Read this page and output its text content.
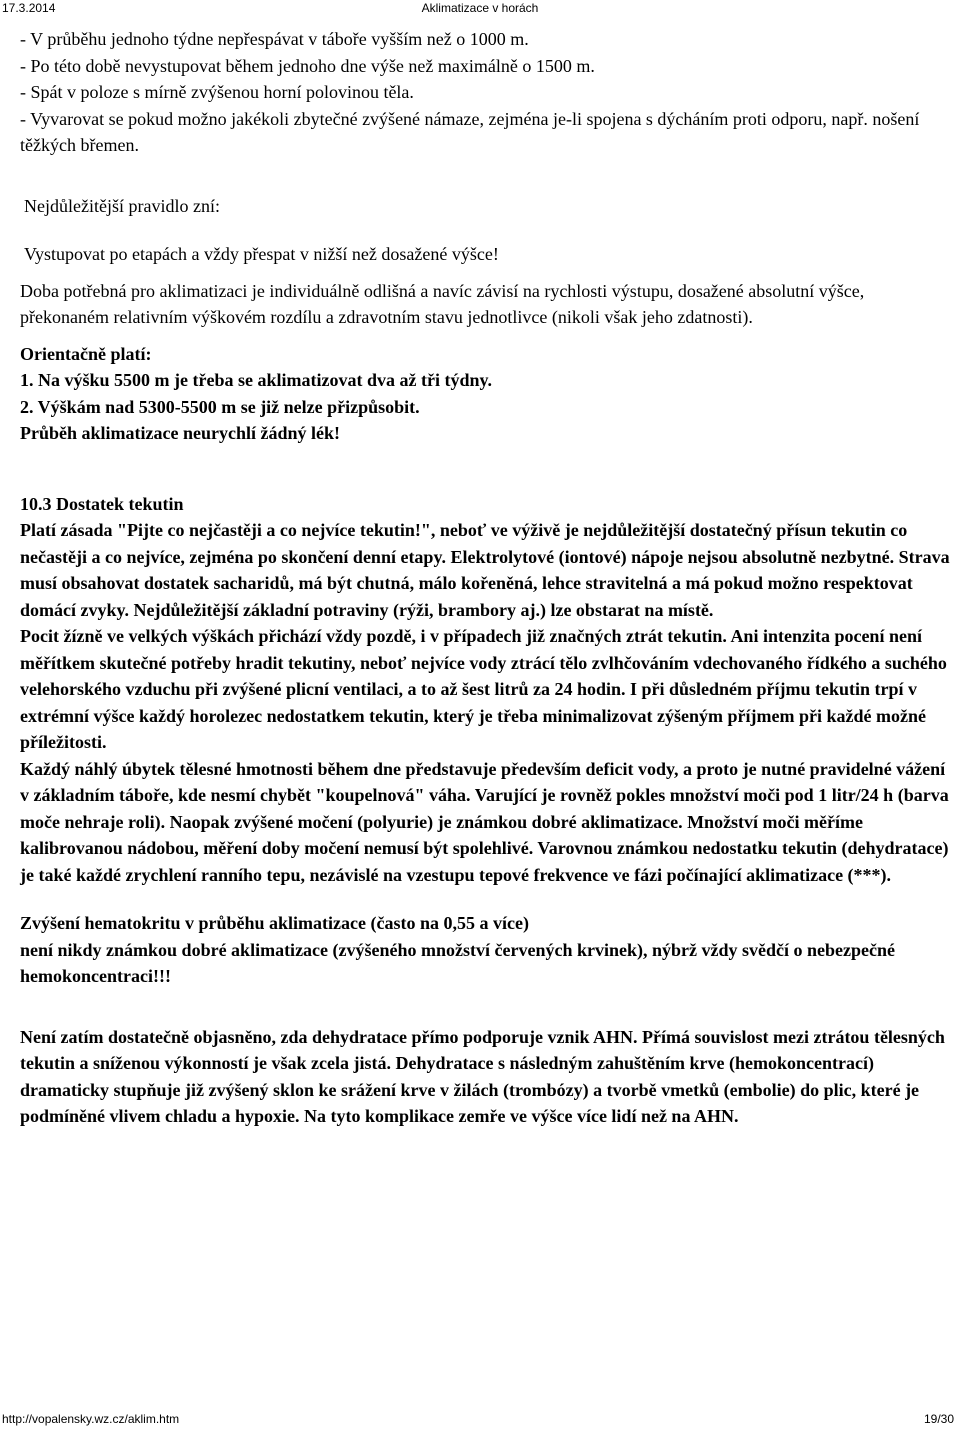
17.3.2014	Aklimatizace v horách

- V průběhu jednoho týdne nepřespávat v táboře vyšším než o 1000 m.

- Po této době nevystupovat během jednoho dne výše než maximálně o 1500 m.

- Spát v poloze s mírně zvýšenou horní polovinou těla.

- Vyvarovat se pokud možno jakékoli zbytečné zvýšené námaze, zejména je-li spojena s dýcháním proti odporu, např. nošení těžkých břemen.

Nejdůležitější pravidlo zní:

Vystupovat po etapách a vždy přespat v nižší než dosažené výšce!

Doba potřebná pro aklimatizaci je individuálně odlišná a navíc závisí na rychlosti výstupu, dosažené absolutní výšce, překonaném relativním výškovém rozdílu a zdravotním stavu jednotlivce (nikoli však jeho zdatnosti).

Orientačně platí:

1. Na výšku 5500 m je třeba se aklimatizovat dva až tři týdny.

2. Výškám nad 5300-5500 m se již nelze přizpůsobit.

Průběh aklimatizace neurychlí žádný lék!

10.3 Dostatek tekutin

Platí zásada "Pijte co nejčastěji a co nejvíce tekutin!", neboť ve výživě je nejdůležitější dostatečný přísun tekutin co nečastěji a co nejvíce, zejména po skončení denní etapy. Elektrolytové (iontové) nápoje nejsou absolutně nezbytné. Strava musí obsahovat dostatek sacharidů, má být chutná, málo kořeněná, lehce stravitelná a má pokud možno respektovat domácí zvyky. Nejdůležitější základní potraviny (rýži, brambory aj.) lze obstarat na místě.

Pocit žízně ve velkých výškách přichází vždy pozdě, i v případech již značných ztrát tekutin. Ani intenzita pocení není měřítkem skutečné potřeby hradit tekutiny, neboť nejvíce vody ztrácí tělo zvlhčováním vdechovaného řídkého a suchého velehorského vzduchu při zvýšené plicní ventilaci, a to až šest litrů za 24 hodin. I při důsledném příjmu tekutin trpí v extrémní výšce každý horolezec nedostatkem tekutin, který je třeba minimalizovat zýšeným příjmem při každé možné příležitosti.

Každý náhlý úbytek tělesné hmotnosti během dne představuje především deficit vody, a proto je nutné pravidelné vážení v základním táboře, kde nesmí chybět "koupelnová" váha. Varující je rovněž pokles množství moči pod 1 litr/24 h (barva moče nehraje roli). Naopak zvýšené močení (polyurie) je známkou dobré aklimatizace. Množství moči měříme kalibrovanou nádobou, měření doby močení nemusí být spolehlivé. Varovnou známkou nedostatku tekutin (dehydratace) je také každé zrychlení ranního tepu, nezávislé na vzestupu tepové frekvence ve fázi počínající aklimatizace (***).

Zvýšení hematokritu v průběhu aklimatizace (často na 0,55 a více)

není nikdy známkou dobré aklimatizace (zvýšeného množství červených krvinek), nýbrž vždy svědčí o nebezpečné hemokoncentraci!!!

Není zatím dostatečně objasněno, zda dehydratace přímo podporuje vznik AHN. Přímá souvislost mezi ztrátou tělesných tekutin a sníženou výkonností je však zcela jistá. Dehydratace s následným zahuštěním krve (hemokoncentrací) dramaticky stupňuje již zvýšený sklon ke srážení krve v žilách (trombózy) a tvorbě vmetků (embolie) do plic, které je podmíněné vlivem chladu a hypoxie. Na tyto komplikace zemře ve výšce více lidí než na AHN.

http://vopalensky.wz.cz/aklim.htm	19/30
